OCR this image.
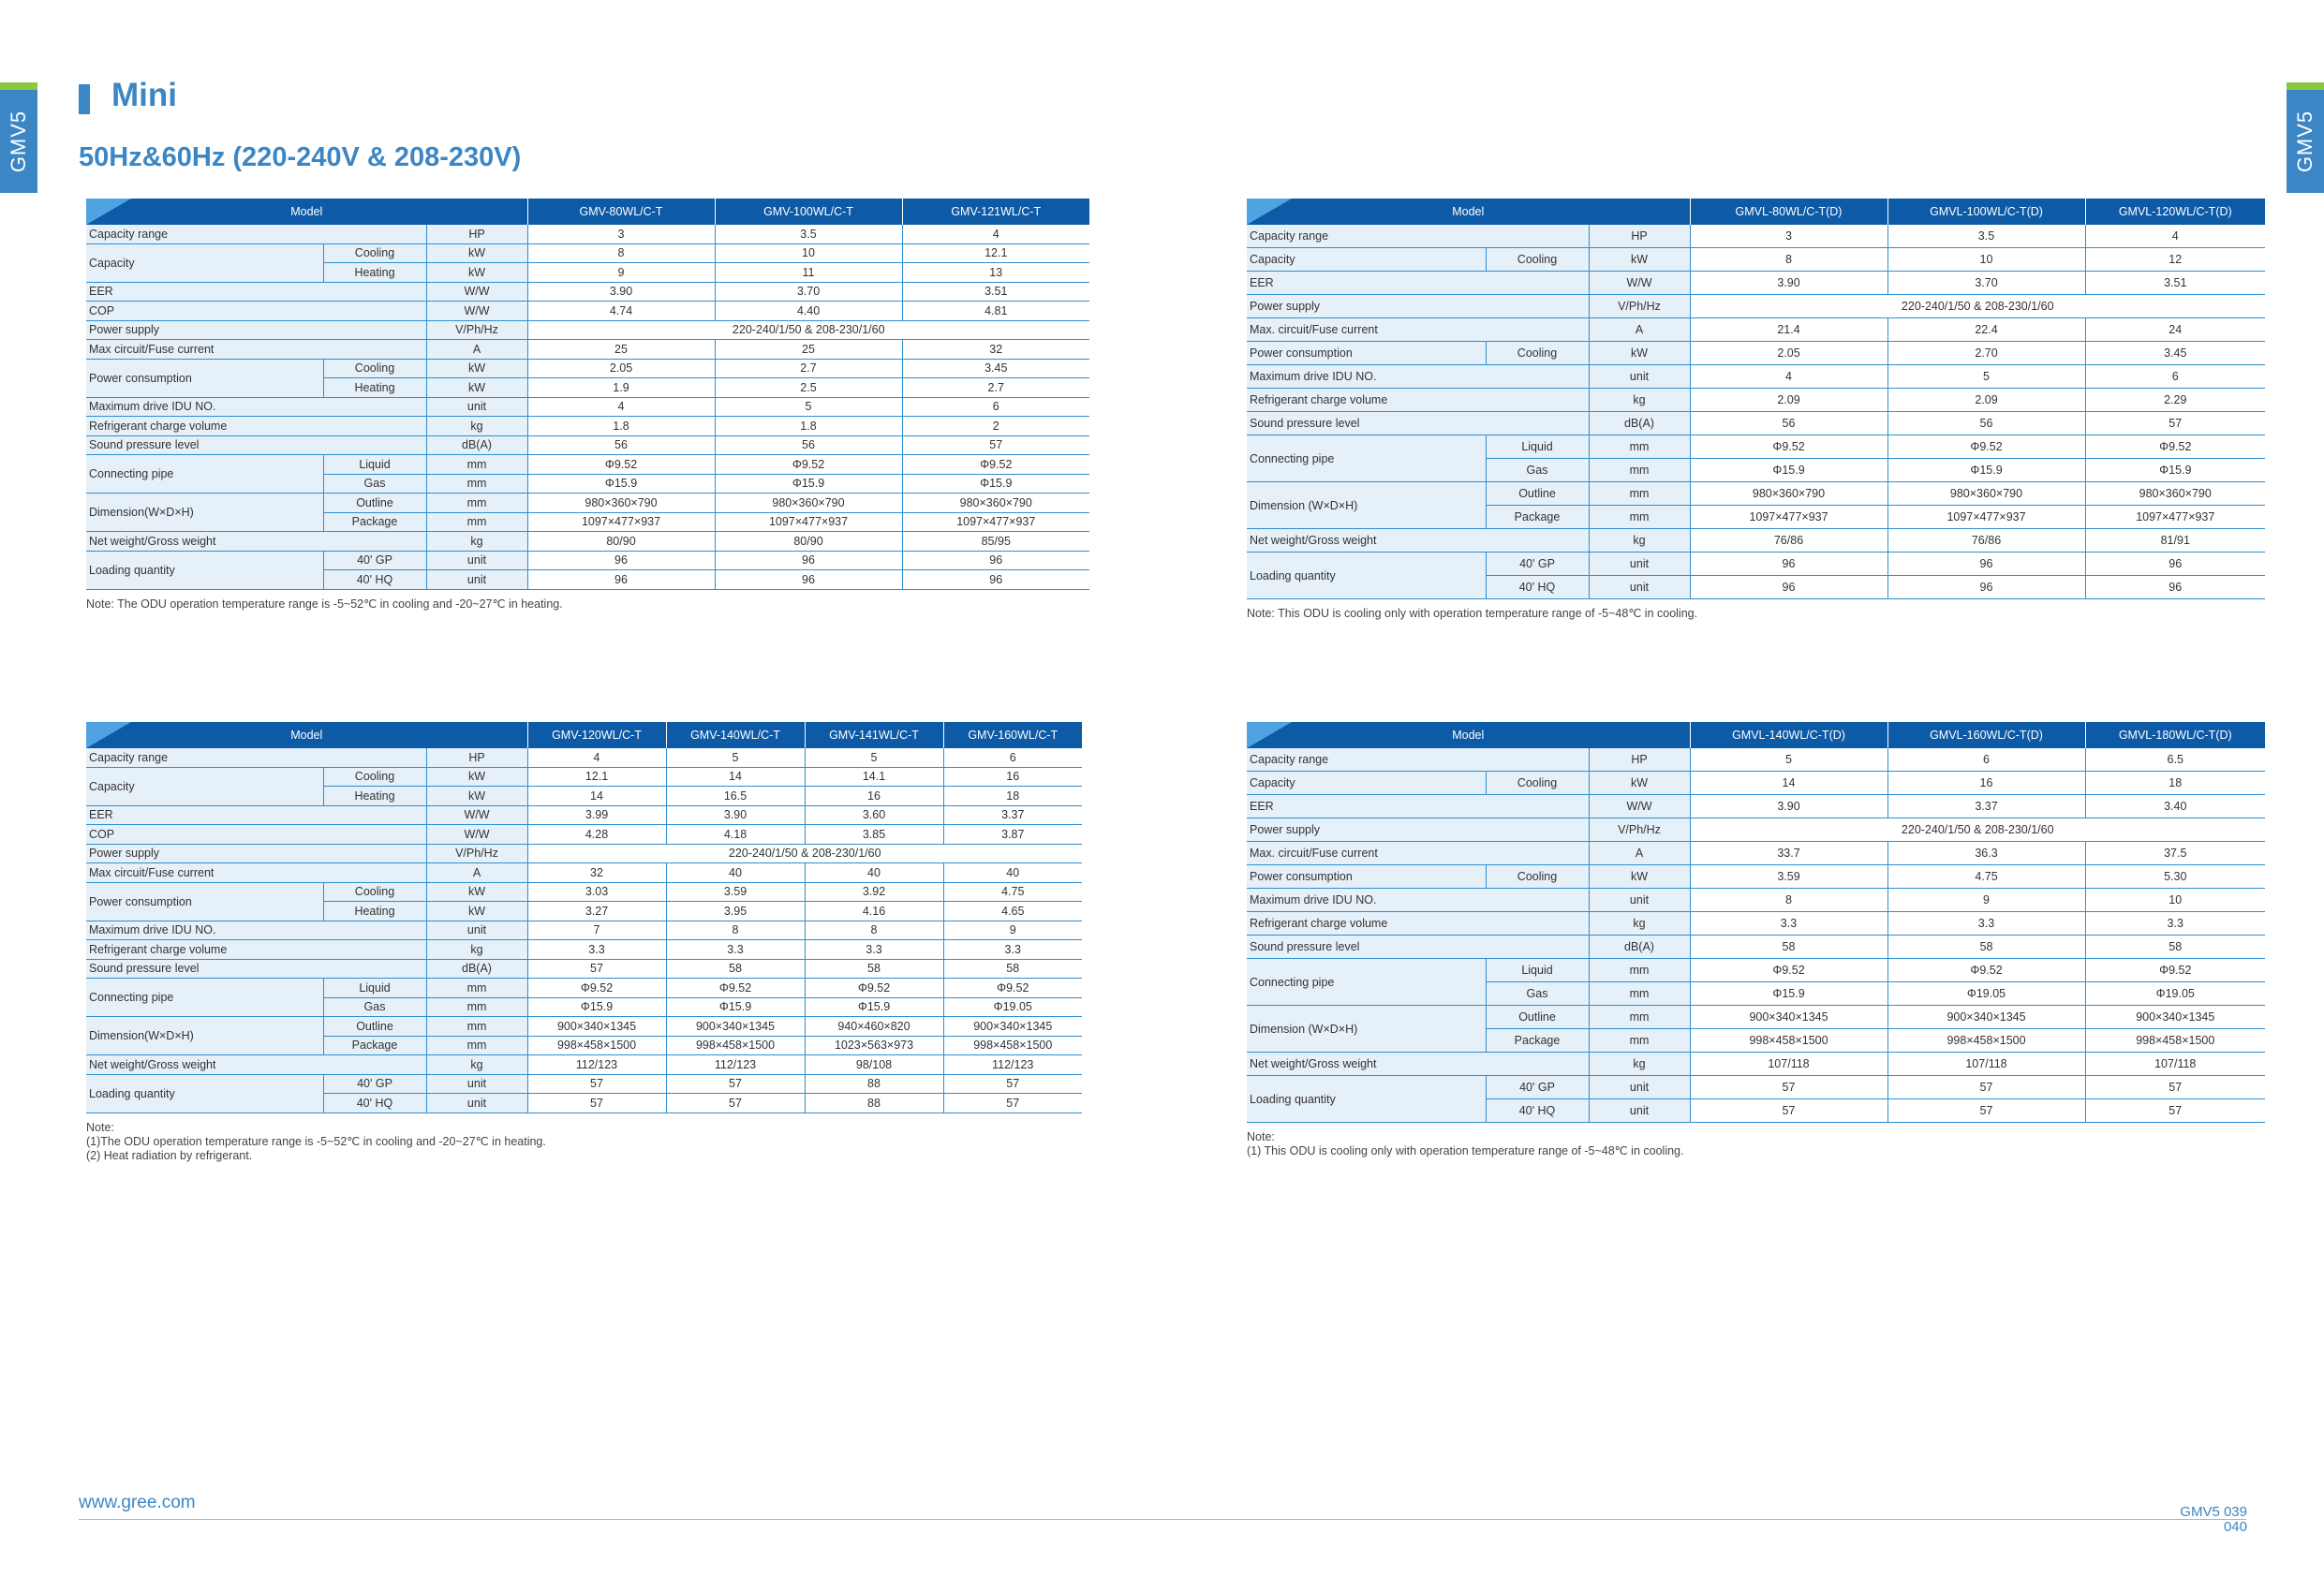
GMV5	GMV5
Mini
50Hz&60Hz (220-240V & 208-230V)
Model			GMV-80WL/C-T	GMV-100WL/C-T	GMV-121WL/C-T
Capacity range		HP	3	3.5	4
Capacity	Cooling	kW	8	10	12.1
	Heating	kW	9	11	13
EER		W/W	3.90	3.70	3.51
COP		W/W	4.74	4.40	4.81
Power supply		V/Ph/Hz	220-240/1/50 & 208-230/1/60		
Max circuit/Fuse current		A	25	25	32
Power consumption	Cooling	kW	2.05	2.7	3.45
	Heating	kW	1.9	2.5	2.7
Maximum drive IDU NO.		unit	4	5	6
Refrigerant charge volume		kg	1.8	1.8	2
Sound pressure level		dB(A)	56	56	57
Connecting pipe	Liquid	mm	Φ9.52	Φ9.52	Φ9.52
	Gas	mm	Φ15.9	Φ15.9	Φ15.9
Dimension(W×D×H)	Outline	mm	980×360×790	980×360×790	980×360×790
	Package	mm	1097×477×937	1097×477×937	1097×477×937
Net weight/Gross weight		kg	80/90	80/90	85/95
Loading quantity	40' GP	unit	96	96	96
	40' HQ	unit	96	96	96
Note: The ODU operation temperature range is -5~52℃ in cooling and -20~27℃ in heating.
Model			GMVL-80WL/C-T(D)	GMVL-100WL/C-T(D)	GMVL-120WL/C-T(D)
Capacity range		HP	3	3.5	4
Capacity	Cooling	kW	8	10	12
EER		W/W	3.90	3.70	3.51
Power supply		V/Ph/Hz	220-240/1/50 & 208-230/1/60		
Max. circuit/Fuse current		A	21.4	22.4	24
Power consumption	Cooling	kW	2.05	2.70	3.45
Maximum drive IDU NO.		unit	4	5	6
Refrigerant charge volume		kg	2.09	2.09	2.29
Sound pressure level		dB(A)	56	56	57
Connecting pipe	Liquid	mm	Φ9.52	Φ9.52	Φ9.52
	Gas	mm	Φ15.9	Φ15.9	Φ15.9
Dimension (W×D×H)	Outline	mm	980×360×790	980×360×790	980×360×790
	Package	mm	1097×477×937	1097×477×937	1097×477×937
Net weight/Gross weight		kg	76/86	76/86	81/91
Loading quantity	40' GP	unit	96	96	96
	40' HQ	unit	96	96	96
Note: This ODU is cooling only with operation temperature range of -5~48℃ in cooling.
Model			GMV-120WL/C-T	GMV-140WL/C-T	GMV-141WL/C-T	GMV-160WL/C-T
Capacity range		HP	4	5	5	6
Capacity	Cooling	kW	12.1	14	14.1	16
	Heating	kW	14	16.5	16	18
EER		W/W	3.99	3.90	3.60	3.37
COP		W/W	4.28	4.18	3.85	3.87
Power supply		V/Ph/Hz	220-240/1/50 & 208-230/1/60			
Max circuit/Fuse current		A	32	40	40	40
Power consumption	Cooling	kW	3.03	3.59	3.92	4.75
	Heating	kW	3.27	3.95	4.16	4.65
Maximum drive IDU NO.		unit	7	8	8	9
Refrigerant charge volume		kg	3.3	3.3	3.3	3.3
Sound pressure level		dB(A)	57	58	58	58
Connecting pipe	Liquid	mm	Φ9.52	Φ9.52	Φ9.52	Φ9.52
	Gas	mm	Φ15.9	Φ15.9	Φ15.9	Φ19.05
Dimension(W×D×H)	Outline	mm	900×340×1345	900×340×1345	940×460×820	900×340×1345
	Package	mm	998×458×1500	998×458×1500	1023×563×973	998×458×1500
Net weight/Gross weight		kg	112/123	112/123	98/108	112/123
Loading quantity	40' GP	unit	57	57	88	57
	40' HQ	unit	57	57	88	57
Note:
(1)The ODU operation temperature range is -5~52℃ in cooling and -20~27℃ in heating.
(2) Heat radiation by refrigerant.
Model			GMVL-140WL/C-T(D)	GMVL-160WL/C-T(D)	GMVL-180WL/C-T(D)
Capacity range		HP	5	6	6.5
Capacity	Cooling	kW	14	16	18
EER		W/W	3.90	3.37	3.40
Power supply		V/Ph/Hz	220-240/1/50 & 208-230/1/60		
Max. circuit/Fuse current		A	33.7	36.3	37.5
Power consumption	Cooling	kW	3.59	4.75	5.30
Maximum drive IDU NO.		unit	8	9	10
Refrigerant charge volume		kg	3.3	3.3	3.3
Sound pressure level		dB(A)	58	58	58
Connecting pipe	Liquid	mm	Φ9.52	Φ9.52	Φ9.52
	Gas	mm	Φ15.9	Φ19.05	Φ19.05
Dimension (W×D×H)	Outline	mm	900×340×1345	900×340×1345	900×340×1345
	Package	mm	998×458×1500	998×458×1500	998×458×1500
Net weight/Gross weight		kg	107/118	107/118	107/118
Loading quantity	40' GP	unit	57	57	57
	40' HQ	unit	57	57	57
Note:
(1) This ODU is cooling only with operation temperature range of -5~48℃ in cooling.
www.gree.com	GMV5 039
040
